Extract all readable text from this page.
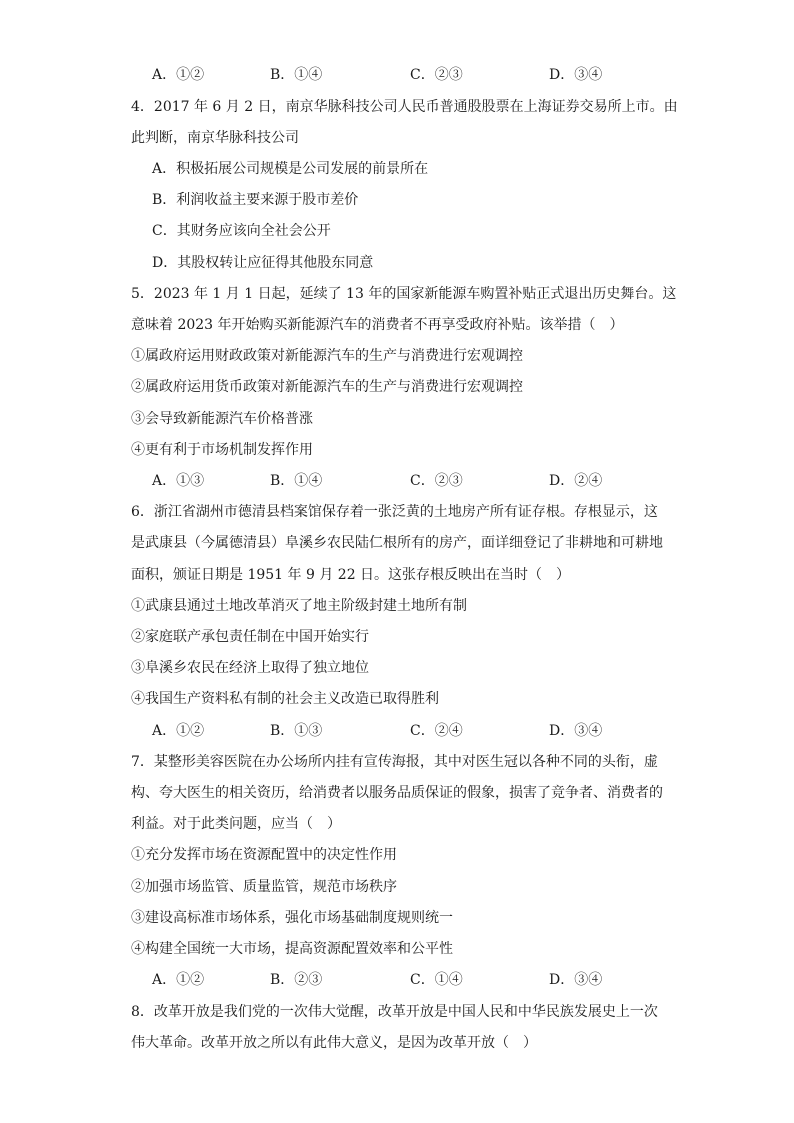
A．①②	B．①④	C．②③	D．③④
4．2017 年 6 月 2 日，南京华脉科技公司人民币普通股股票在上海证券交易所上市。由
此判断，南京华脉科技公司
A．积极拓展公司规模是公司发展的前景所在
B．利润收益主要来源于股市差价
C．其财务应该向全社会公开
D．其股权转让应征得其他股东同意
5．2023 年 1 月 1 日起，延续了 13 年的国家新能源车购置补贴正式退出历史舞台。这
意味着 2023 年开始购买新能源汽车的消费者不再享受政府补贴。该举措（　）
①属政府运用财政政策对新能源汽车的生产与消费进行宏观调控
②属政府运用货币政策对新能源汽车的生产与消费进行宏观调控
③会导致新能源汽车价格普涨
④更有利于市场机制发挥作用
A．①③	B．①④	C．②③	D．②④
6．浙江省湖州市德清县档案馆保存着一张泛黄的土地房产所有证存根。存根显示，这
是武康县（今属德清县）阜溪乡农民陆仁根所有的房产，面详细登记了非耕地和可耕地
面积，颁证日期是 1951 年 9 月 22 日。这张存根反映出在当时（　）
①武康县通过土地改革消灭了地主阶级封建土地所有制
②家庭联产承包责任制在中国开始实行
③阜溪乡农民在经济上取得了独立地位
④我国生产资料私有制的社会主义改造已取得胜利
A．①②	B．①③	C．②④	D．③④
7．某整形美容医院在办公场所内挂有宣传海报，其中对医生冠以各种不同的头衔，虚
构、夸大医生的相关资历，给消费者以服务品质保证的假象，损害了竞争者、消费者的
利益。对于此类问题，应当（　）
①充分发挥市场在资源配置中的决定性作用
②加强市场监管、质量监管，规范市场秩序
③建设高标准市场体系，强化市场基础制度规则统一
④构建全国统一大市场，提高资源配置效率和公平性
A．①②	B．②③	C．①④	D．③④
8．改革开放是我们党的一次伟大觉醒，改革开放是中国人民和中华民族发展史上一次
伟大革命。改革开放之所以有此伟大意义，是因为改革开放（　）
